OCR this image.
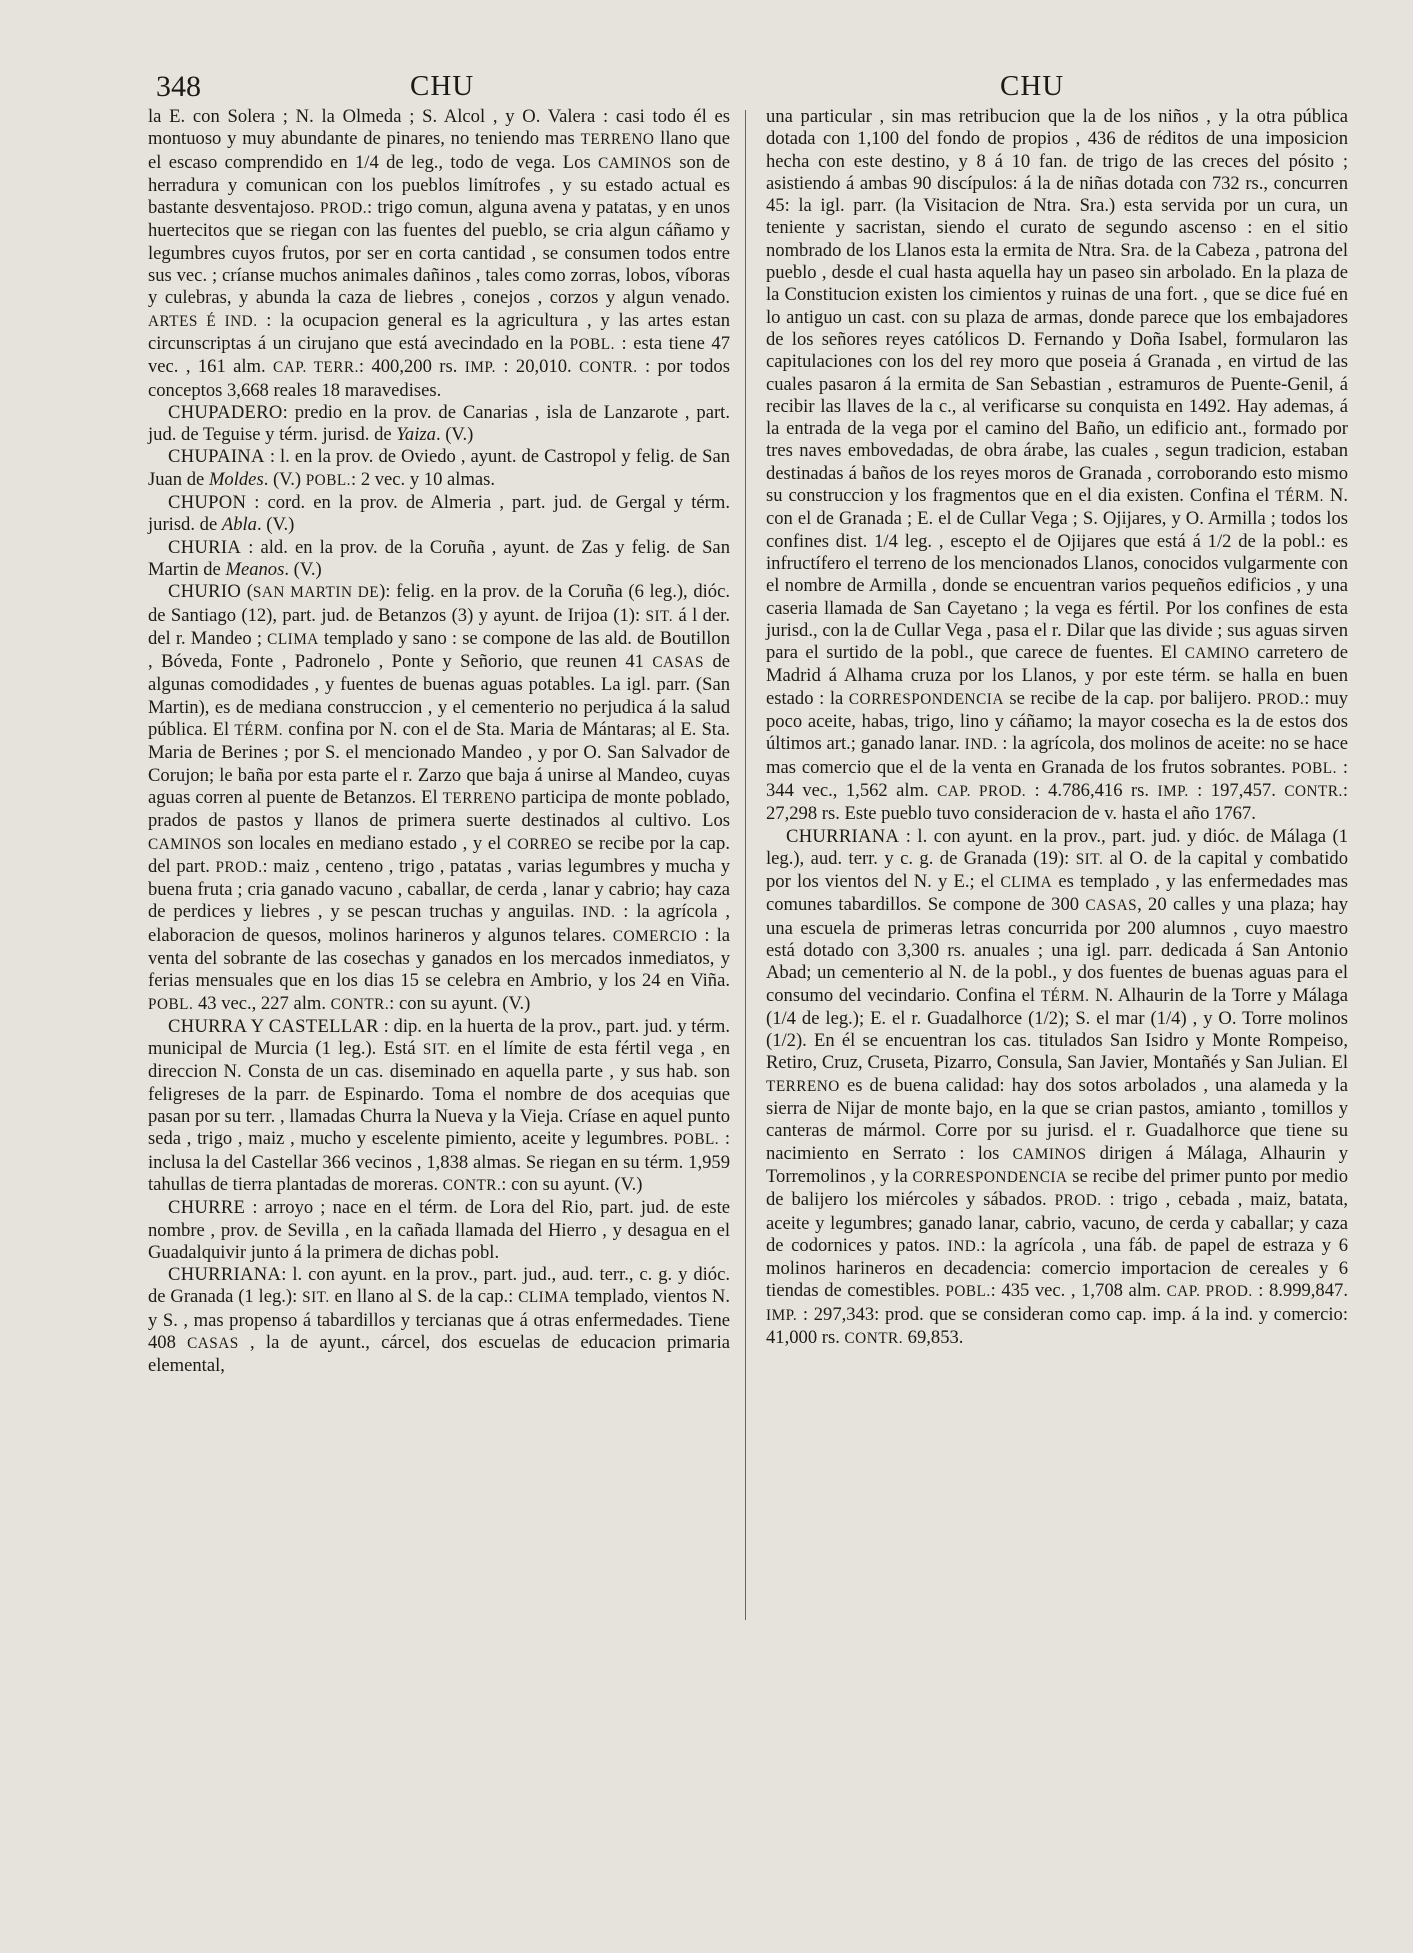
348	CHU	CHU

la E. con Solera ; N. la Olmeda ; S. Alcol , y O. Valera : casi todo él es montuoso y muy abundante de pinares, no teniendo mas TERRENO llano que el escaso comprendido en 1/4 de leg., todo de vega. Los CAMINOS son de herradura y comunican con los pueblos limítrofes , y su estado actual es bastante desventajoso. PROD.: trigo comun, alguna avena y patatas, y en unos huertecitos que se riegan con las fuentes del pueblo, se cria algun cáñamo y legumbres cuyos frutos, por ser en corta cantidad , se consumen todos entre sus vec. ; críanse muchos animales dañinos , tales como zorras, lobos, víboras y culebras, y abunda la caza de liebres , conejos , corzos y algun venado. ARTES É IND. : la ocupacion general es la agricultura , y las artes estan circunscriptas á un cirujano que está avecindado en la POBL. : esta tiene 47 vec. , 161 alm. CAP. TERR.: 400,200 rs. IMP. : 20,010. CONTR. : por todos conceptos 3,668 reales 18 maravedises.

CHUPADERO: predio en la prov. de Canarias , isla de Lanzarote , part. jud. de Teguise y térm. jurisd. de Yaiza. (V.)

CHUPAINA : l. en la prov. de Oviedo , ayunt. de Castropol y felig. de San Juan de Moldes. (V.) POBL.: 2 vec. y 10 almas.

CHUPON : cord. en la prov. de Almeria , part. jud. de Gergal y térm. jurisd. de Abla. (V.)

CHURIA : ald. en la prov. de la Coruña , ayunt. de Zas y felig. de San Martin de Meanos. (V.)

CHURIO (SAN MARTIN DE): felig. en la prov. de la Coruña (6 leg.), dióc. de Santiago (12), part. jud. de Betanzos (3) y ayunt. de Irijoa (1): SIT. á l der. del r. Mandeo ; CLIMA templado y sano : se compone de las ald. de Boutillon , Bóveda, Fonte , Padronelo , Ponte y Señorio, que reunen 41 CASAS de algunas comodidades , y fuentes de buenas aguas potables. La igl. parr. (San Martin), es de mediana construccion , y el cementerio no perjudica á la salud pública. El TÉRM. confina por N. con el de Sta. Maria de Mántaras; al E. Sta. Maria de Berines ; por S. el mencionado Mandeo , y por O. San Salvador de Corujon; le baña por esta parte el r. Zarzo que baja á unirse al Mandeo, cuyas aguas corren al puente de Betanzos. El TERRENO participa de monte poblado, prados de pastos y llanos de primera suerte destinados al cultivo. Los CAMINOS son locales en mediano estado , y el CORREO se recibe por la cap. del part. PROD.: maiz , centeno , trigo , patatas , varias legumbres y mucha y buena fruta ; cria ganado vacuno , caballar, de cerda , lanar y cabrio; hay caza de perdices y liebres , y se pescan truchas y anguilas. IND. : la agrícola , elaboracion de quesos, molinos harineros y algunos telares. COMERCIO : la venta del sobrante de las cosechas y ganados en los mercados inmediatos, y ferias mensuales que en los dias 15 se celebra en Ambrio, y los 24 en Viña. POBL. 43 vec., 227 alm. CONTR.: con su ayunt. (V.)

CHURRA Y CASTELLAR : dip. en la huerta de la prov., part. jud. y térm. municipal de Murcia (1 leg.). Está SIT. en el límite de esta fértil vega , en direccion N. Consta de un cas. diseminado en aquella parte , y sus hab. son feligreses de la parr. de Espinardo. Toma el nombre de dos acequias que pasan por su terr. , llamadas Churra la Nueva y la Vieja. Críase en aquel punto seda , trigo , maiz , mucho y escelente pimiento, aceite y legumbres. POBL. : inclusa la del Castellar 366 vecinos , 1,838 almas. Se riegan en su térm. 1,959 tahullas de tierra plantadas de moreras. CONTR.: con su ayunt. (V.)

CHURRE : arroyo ; nace en el térm. de Lora del Rio, part. jud. de este nombre , prov. de Sevilla , en la cañada llamada del Hierro , y desagua en el Guadalquivir junto á la primera de dichas pobl.

CHURRIANA: l. con ayunt. en la prov., part. jud., aud. terr., c. g. y dióc. de Granada (1 leg.): SIT. en llano al S. de la cap.: CLIMA templado, vientos N. y S. , mas propenso á tabardillos y tercianas que á otras enfermedades. Tiene 408 CASAS , la de ayunt., cárcel, dos escuelas de educacion primaria elemental,

una particular , sin mas retribucion que la de los niños , y la otra pública dotada con 1,100 del fondo de propios , 436 de réditos de una imposicion hecha con este destino, y 8 á 10 fan. de trigo de las creces del pósito ; asistiendo á ambas 90 discípulos: á la de niñas dotada con 732 rs., concurren 45: la igl. parr. (la Visitacion de Ntra. Sra.) esta servida por un cura, un teniente y sacristan, siendo el curato de segundo ascenso : en el sitio nombrado de los Llanos esta la ermita de Ntra. Sra. de la Cabeza , patrona del pueblo , desde el cual hasta aquella hay un paseo sin arbolado. En la plaza de la Constitucion existen los cimientos y ruinas de una fort. , que se dice fué en lo antiguo un cast. con su plaza de armas, donde parece que los embajadores de los señores reyes católicos D. Fernando y Doña Isabel, formularon las capitulaciones con los del rey moro que poseia á Granada , en virtud de las cuales pasaron á la ermita de San Sebastian , estramuros de Puente-Genil, á recibir las llaves de la c., al verificarse su conquista en 1492. Hay ademas, á la entrada de la vega por el camino del Baño, un edificio ant., formado por tres naves embovedadas, de obra árabe, las cuales , segun tradicion, estaban destinadas á baños de los reyes moros de Granada , corroborando esto mismo su construccion y los fragmentos que en el dia existen. Confina el TÉRM. N. con el de Granada ; E. el de Cullar Vega ; S. Ojijares, y O. Armilla ; todos los confines dist. 1/4 leg. , escepto el de Ojijares que está á 1/2 de la pobl.: es infructífero el terreno de los mencionados Llanos, conocidos vulgarmente con el nombre de Armilla , donde se encuentran varios pequeños edificios , y una caseria llamada de San Cayetano ; la vega es fértil. Por los confines de esta jurisd., con la de Cullar Vega , pasa el r. Dilar que las divide ; sus aguas sirven para el surtido de la pobl., que carece de fuentes. El CAMINO carretero de Madrid á Alhama cruza por los Llanos, y por este térm. se halla en buen estado : la CORRESPONDENCIA se recibe de la cap. por balijero. PROD.: muy poco aceite, habas, trigo, lino y cáñamo; la mayor cosecha es la de estos dos últimos art.; ganado lanar. IND. : la agrícola, dos molinos de aceite: no se hace mas comercio que el de la venta en Granada de los frutos sobrantes. POBL. : 344 vec., 1,562 alm. CAP. PROD. : 4.786,416 rs. IMP. : 197,457. CONTR.: 27,298 rs. Este pueblo tuvo consideracion de v. hasta el año 1767.

CHURRIANA : l. con ayunt. en la prov., part. jud. y dióc. de Málaga (1 leg.), aud. terr. y c. g. de Granada (19): SIT. al O. de la capital y combatido por los vientos del N. y E.; el CLIMA es templado , y las enfermedades mas comunes tabardillos. Se compone de 300 CASAS, 20 calles y una plaza; hay una escuela de primeras letras concurrida por 200 alumnos , cuyo maestro está dotado con 3,300 rs. anuales ; una igl. parr. dedicada á San Antonio Abad; un cementerio al N. de la pobl., y dos fuentes de buenas aguas para el consumo del vecindario. Confina el TÉRM. N. Alhaurin de la Torre y Málaga (1/4 de leg.); E. el r. Guadalhorce (1/2); S. el mar (1/4) , y O. Torre molinos (1/2). En él se encuentran los cas. titulados San Isidro y Monte Rompeiso, Retiro, Cruz, Cruseta, Pizarro, Consula, San Javier, Montañés y San Julian. El TERRENO es de buena calidad: hay dos sotos arbolados , una alameda y la sierra de Nijar de monte bajo, en la que se crian pastos, amianto , tomillos y canteras de mármol. Corre por su jurisd. el r. Guadalhorce que tiene su nacimiento en Serrato : los CAMINOS dirigen á Málaga, Alhaurin y Torremolinos , y la CORRESPONDENCIA se recibe del primer punto por medio de balijero los miércoles y sábados. PROD. : trigo , cebada , maiz, batata, aceite y legumbres; ganado lanar, cabrio, vacuno, de cerda y caballar; y caza de codornices y patos. IND.: la agrícola , una fáb. de papel de estraza y 6 molinos harineros en decadencia: comercio importacion de cereales y 6 tiendas de comestibles. POBL.: 435 vec. , 1,708 alm. CAP. PROD. : 8.999,847. IMP. : 297,343: prod. que se consideran como cap. imp. á la ind. y comercio: 41,000 rs. CONTR. 69,853.
